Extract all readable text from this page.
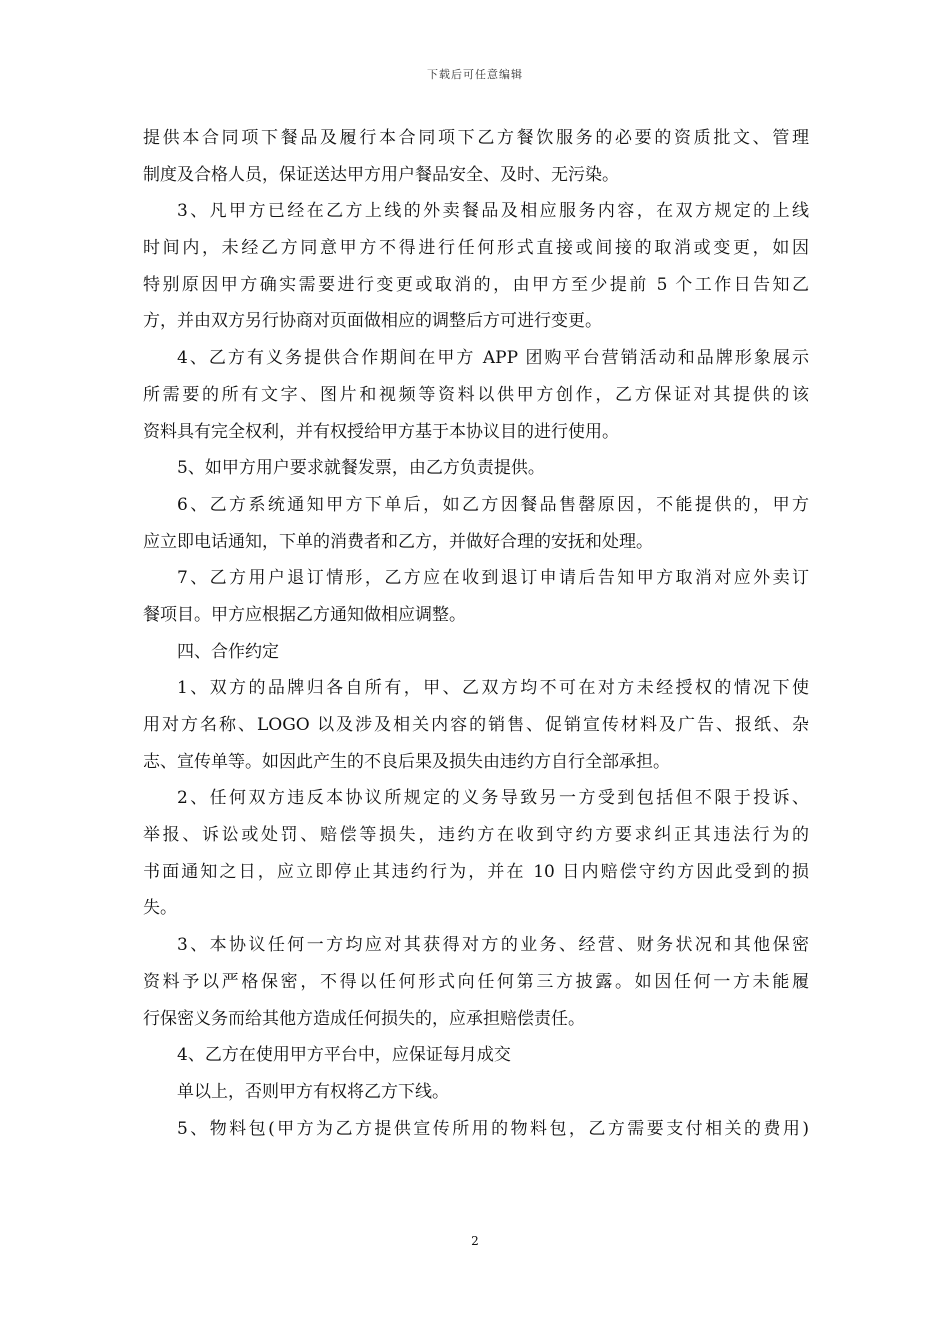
下载后可任意编辑
提供本合同项下餐品及履行本合同项下乙方餐饮服务的必要的资质批文、管理
制度及合格人员，保证送达甲方用户餐品安全、及时、无污染。
3、凡甲方已经在乙方上线的外卖餐品及相应服务内容，在双方规定的上线
时间内，未经乙方同意甲方不得进行任何形式直接或间接的取消或变更，如因
特别原因甲方确实需要进行变更或取消的，由甲方至少提前 5 个工作日告知乙
方，并由双方另行协商对页面做相应的调整后方可进行变更。
4、乙方有义务提供合作期间在甲方 APP 团购平台营销活动和品牌形象展示
所需要的所有文字、图片和视频等资料以供甲方创作，乙方保证对其提供的该
资料具有完全权利，并有权授给甲方基于本协议目的进行使用。
5、如甲方用户要求就餐发票，由乙方负责提供。
6、乙方系统通知甲方下单后，如乙方因餐品售罄原因，不能提供的，甲方
应立即电话通知，下单的消费者和乙方，并做好合理的安抚和处理。
7、乙方用户退订情形，乙方应在收到退订申请后告知甲方取消对应外卖订
餐项目。甲方应根据乙方通知做相应调整。
四、合作约定
1、双方的品牌归各自所有，甲、乙双方均不可在对方未经授权的情况下使
用对方名称、LOGO 以及涉及相关内容的销售、促销宣传材料及广告、报纸、杂
志、宣传单等。如因此产生的不良后果及损失由违约方自行全部承担。
2、任何双方违反本协议所规定的义务导致另一方受到包括但不限于投诉、
举报、诉讼或处罚、赔偿等损失，违约方在收到守约方要求纠正其违法行为的
书面通知之日，应立即停止其违约行为，并在 10 日内赔偿守约方因此受到的损
失。
3、本协议任何一方均应对其获得对方的业务、经营、财务状况和其他保密
资料予以严格保密，不得以任何形式向任何第三方披露。如因任何一方未能履
行保密义务而给其他方造成任何损失的，应承担赔偿责任。
4、乙方在使用甲方平台中，应保证每月成交
单以上，否则甲方有权将乙方下线。
5、物料包(甲方为乙方提供宣传所用的物料包，乙方需要支付相关的费用)
2
